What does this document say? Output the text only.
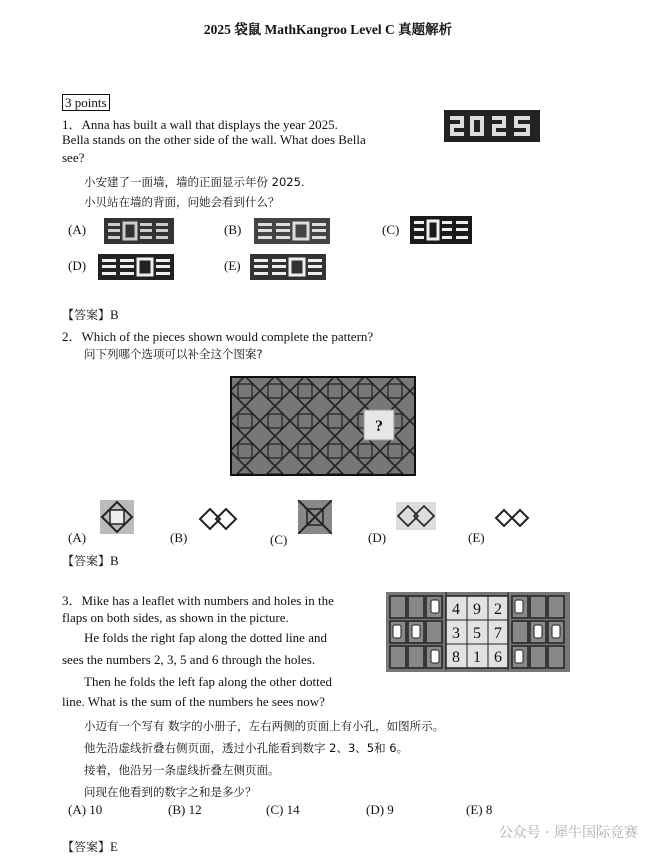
2025 袋鼠 MathKangroo Level C 真题解析
3 points
1．Anna has built a wall that displays the year 2025.
Bella stands on the other side of the wall. What does Bella
see?
小安建了一面墙，墙的正面显示年份 2025.
小贝站在墙的背面，问她会看到什么？
(A)	(B)	(C)
(D)	(E)
【答案】B
2．Which of the pieces shown would complete the pattern?
问下列哪个选项可以补全这个图案?
?
(A)	(B)	(C)	(D)	(E)
【答案】B
3．Mike has a leaflet with numbers and holes in the
flaps on both sides, as shown in the picture.
He folds the right fap along the dotted line and
sees the numbers 2, 3, 5 and 6 through the holes.
Then he folds the left fap along the other dotted
line. What is the sum of the numbers he sees now?
小迈有一个写有 数字的小册子，左右两侧的页面上有小孔，如图所示。
他先沿虚线折叠右侧页面，透过小孔能看到数字 2、3、5和 6。
接着，他沿另一条虚线折叠左侧页面。
问现在他看到的数字之和是多少？
4 9 2
3 5 7
8 1 6
(A) 10	(B) 12	(C) 14	(D) 9	(E) 8
【答案】E
公众号 · 犀牛国际竞赛
